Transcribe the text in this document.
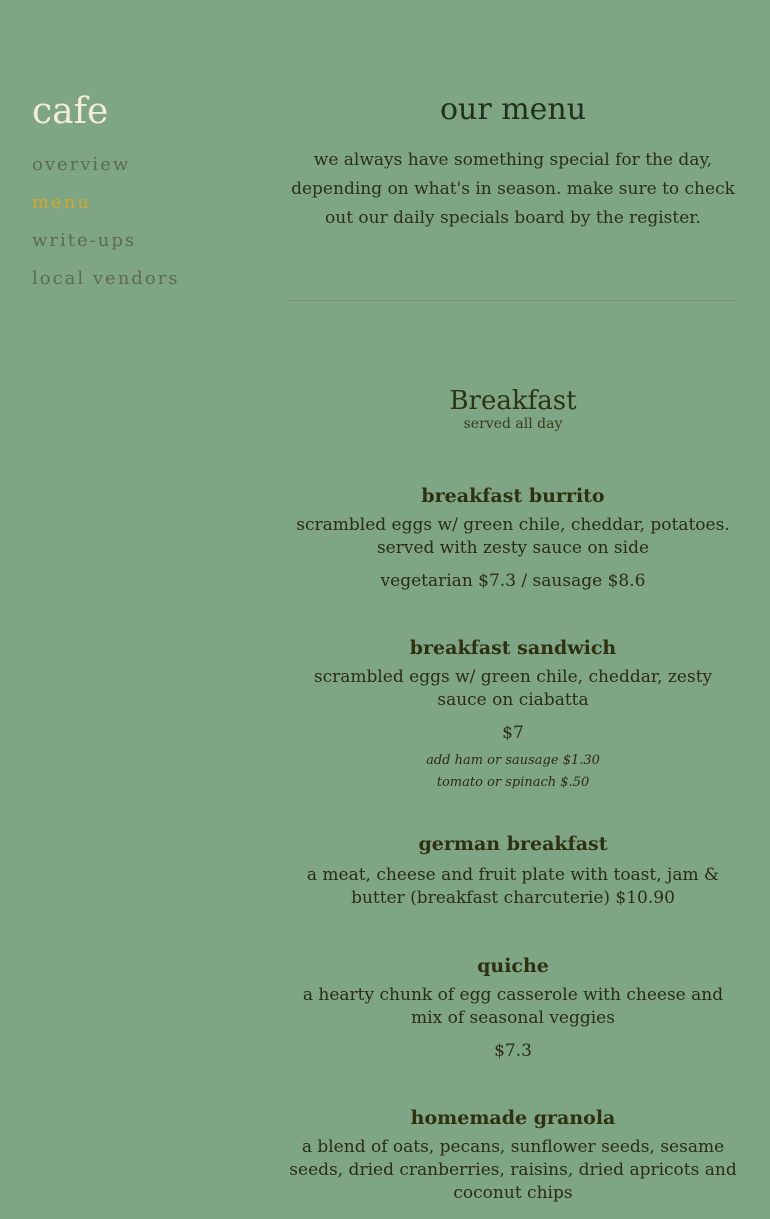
cafe
overview
menu
write-ups
local vendors
our menu

we always have something special for the day, depending on what's in season. make sure to check out our daily specials board by the register.

Breakfast

served all day

breakfast burrito

scrambled eggs w/ green chile, cheddar, potatoes. served with zesty sauce on side

vegetarian $7.3 / sausage $8.6

breakfast sandwich

scrambled eggs w/ green chile, cheddar, zesty sauce on ciabatta

$7

add ham or sausage $1.30

tomato or spinach $.50

german breakfast

a meat, cheese and fruit plate with toast, jam & butter (breakfast charcuterie) $10.90

quiche

a hearty chunk of egg casserole with cheese and mix of seasonal veggies

$7.3

homemade granola

a blend of oats, pecans, sunflower seeds, sesame seeds, dried cranberries, raisins, dried apricots and coconut chips
